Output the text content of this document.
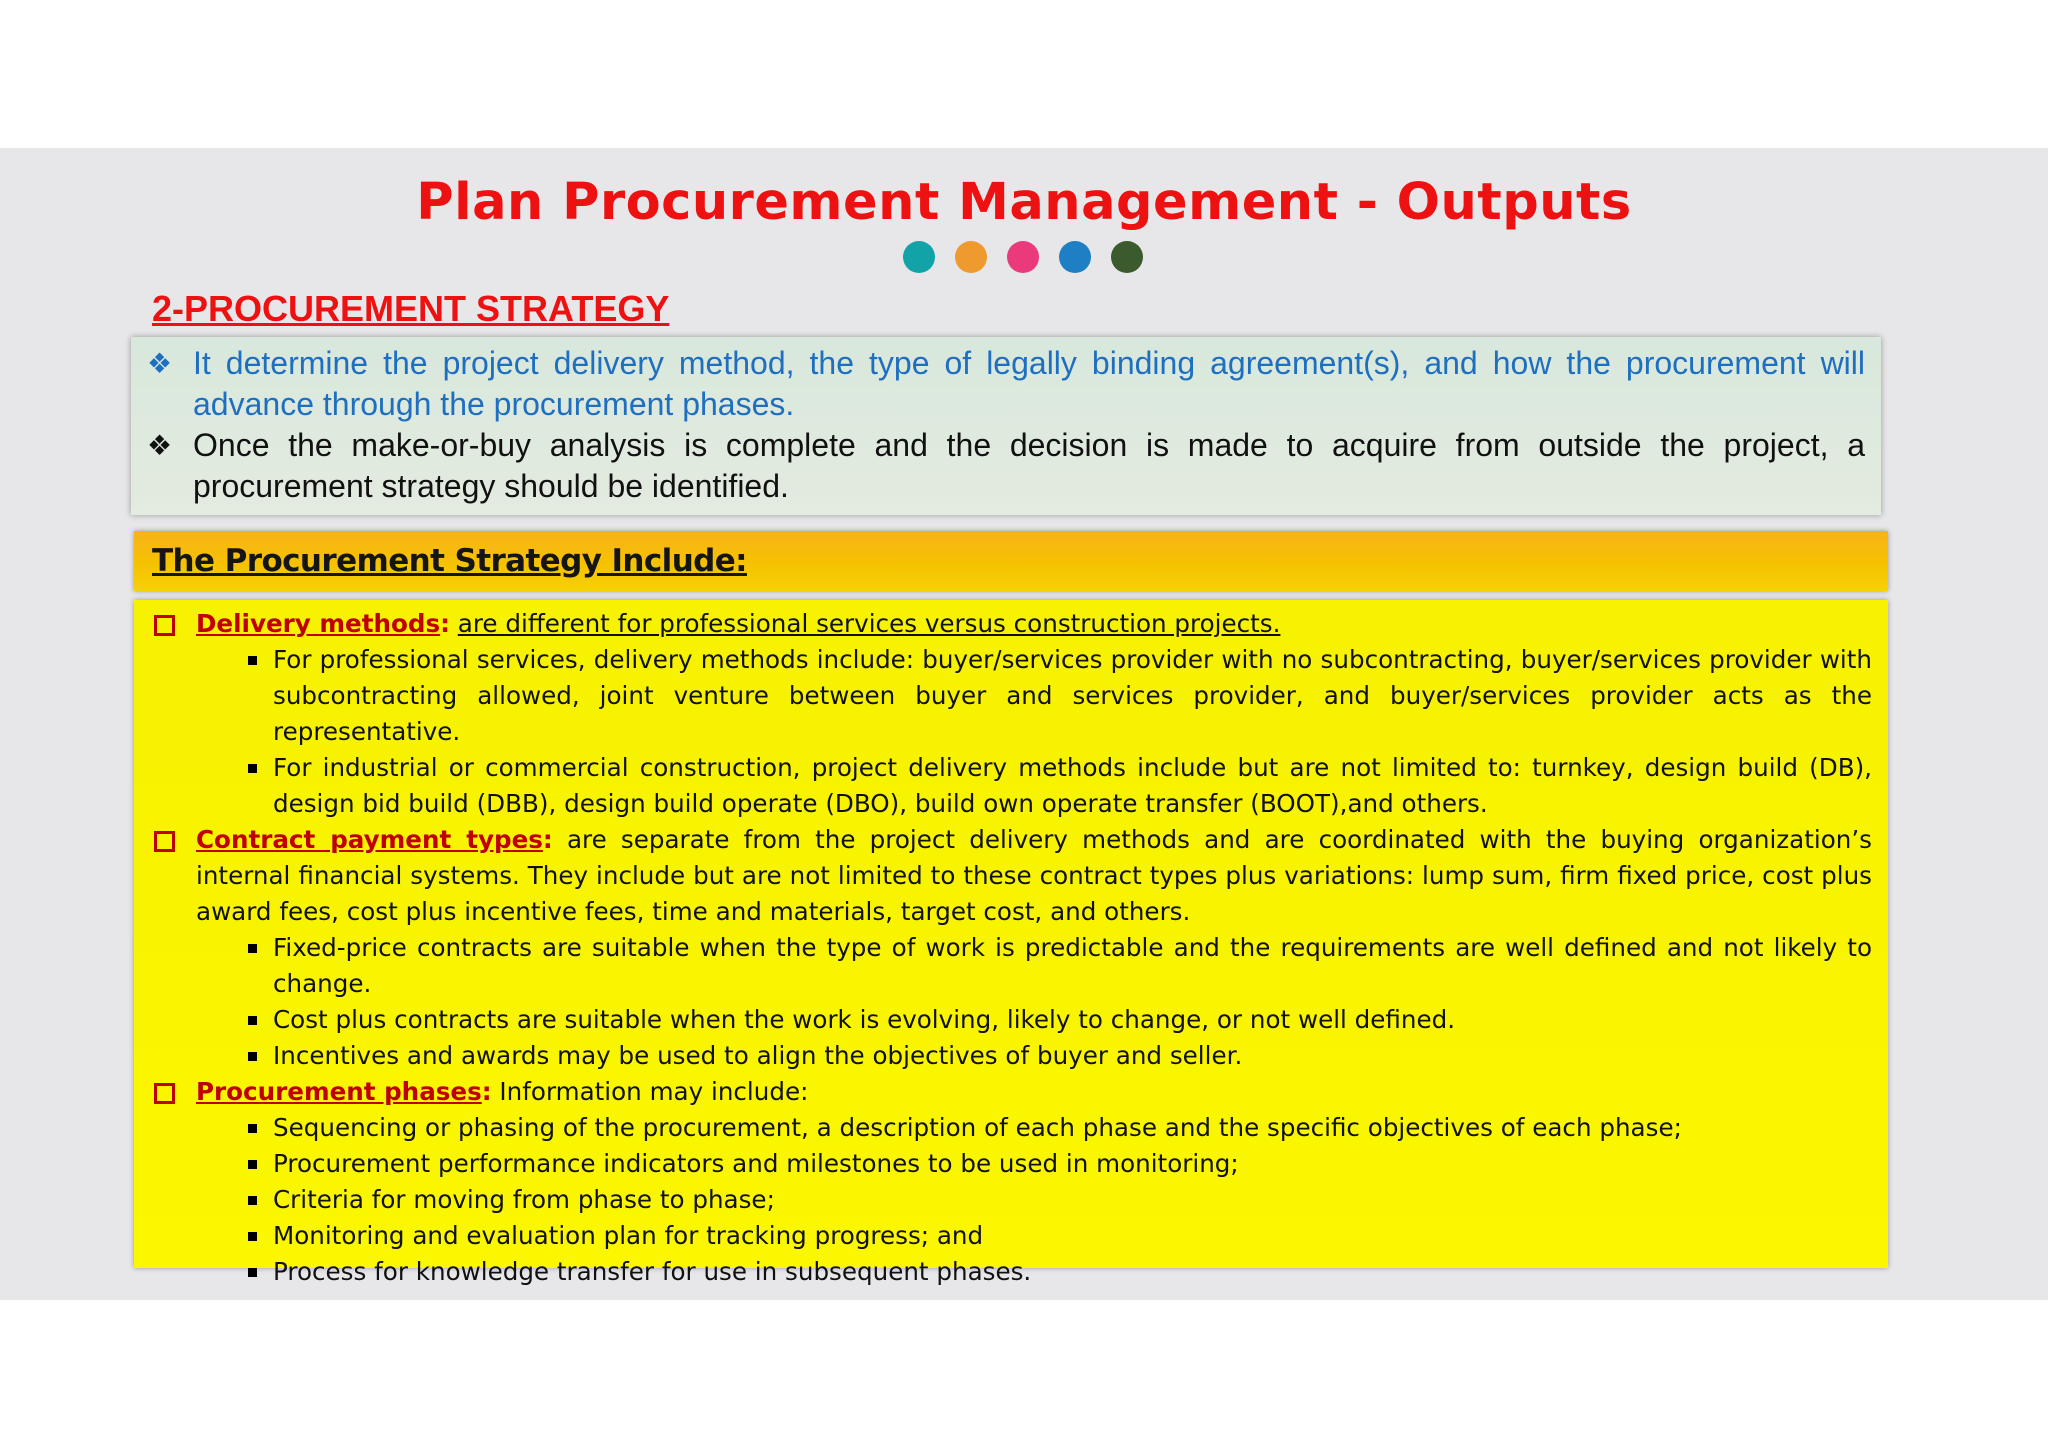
Plan Procurement Management - Outputs
2-PROCUREMENT STRATEGY

❖ It determine the project delivery method, the type of legally binding agreement(s), and how the procurement will advance through the procurement phases.

❖ Once the make-or-buy analysis is complete and the decision is made to acquire from outside the project, a procurement strategy should be identified.

The Procurement Strategy Include:

Delivery methods: are different for professional services versus construction projects.

For professional services, delivery methods include: buyer/services provider with no subcontracting, buyer/services provider with subcontracting allowed, joint venture between buyer and services provider, and buyer/services provider acts as the representative.

For industrial or commercial construction, project delivery methods include but are not limited to: turnkey, design build (DB), design bid build (DBB), design build operate (DBO), build own operate transfer (BOOT),and others.

Contract payment types: are separate from the project delivery methods and are coordinated with the buying organization’s internal financial systems. They include but are not limited to these contract types plus variations: lump sum, firm fixed price, cost plus award fees, cost plus incentive fees, time and materials, target cost, and others.

Fixed-price contracts are suitable when the type of work is predictable and the requirements are well defined and not likely to change.

Cost plus contracts are suitable when the work is evolving, likely to change, or not well defined.

Incentives and awards may be used to align the objectives of buyer and seller.

Procurement phases: Information may include:

Sequencing or phasing of the procurement, a description of each phase and the specific objectives of each phase;

Procurement performance indicators and milestones to be used in monitoring;

Criteria for moving from phase to phase;

Monitoring and evaluation plan for tracking progress; and

Process for knowledge transfer for use in subsequent phases.
